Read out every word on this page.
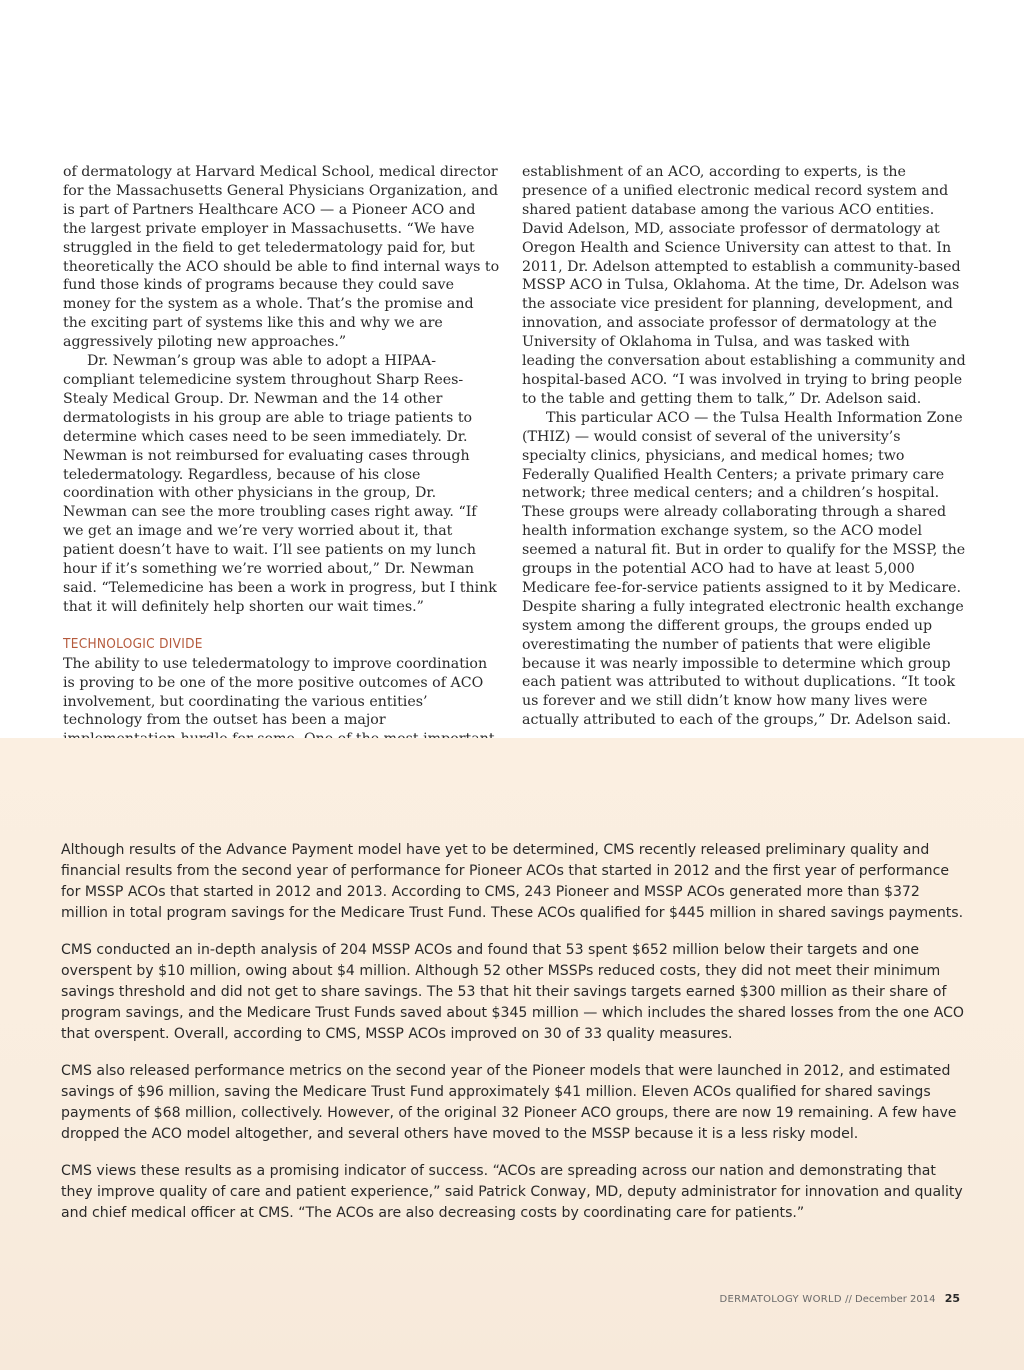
of dermatology at Harvard Medical School, medical director for the Massachusetts General Physicians Organization, and is part of Partners Healthcare ACO — a Pioneer ACO and the largest private employer in Massachusetts. “We have struggled in the field to get teledermatology paid for, but theoretically the ACO should be able to find internal ways to fund those kinds of programs because they could save money for the system as a whole. That’s the promise and the exciting part of systems like this and why we are aggressively piloting new approaches.”

Dr. Newman’s group was able to adopt a HIPAA-compliant telemedicine system throughout Sharp Rees-Stealy Medical Group. Dr. Newman and the 14 other dermatologists in his group are able to triage patients to determine which cases need to be seen immediately. Dr. Newman is not reimbursed for evaluating cases through teledermatology. Regardless, because of his close coordination with other physicians in the group, Dr. Newman can see the more troubling cases right away. “If we get an image and we’re very worried about it, that patient doesn’t have to wait. I’ll see patients on my lunch hour if it’s something we’re worried about,” Dr. Newman said. “Telemedicine has been a work in progress, but I think that it will definitely help shorten our wait times.”

TECHNOLOGIC DIVIDE

The ability to use teledermatology to improve coordination is proving to be one of the more positive outcomes of ACO involvement, but coordinating the various entities’ technology from the outset has been a major

establishment of an ACO, according to experts, is the presence of a unified electronic medical record system and shared patient database among the various ACO entities. David Adelson, MD, associate professor of dermatology at Oregon Health and Science University can attest to that. In 2011, Dr. Adelson attempted to establish a community-based MSSP ACO in Tulsa, Oklahoma. At the time, Dr. Adelson was the associate vice president for planning, development, and innovation, and associate professor of dermatology at the University of Oklahoma in Tulsa, and was tasked with leading the conversation about establishing a community and hospital-based ACO. “I was involved in trying to bring people to the table and getting them to talk,” Dr. Adelson said.

This particular ACO — the Tulsa Health Information Zone (THIZ) — would consist of several of the university’s specialty clinics, physicians, and medical homes; two Federally Qualified Health Centers; a private primary care network; three medical centers; and a children’s hospital. These groups were already collaborating through a shared health information exchange system, so the ACO model seemed a natural fit. But in order to qualify for the MSSP, the groups in the potential ACO had to have at least 5,000 Medicare fee-for-service patients assigned to it by Medicare. Despite sharing a fully integrated electronic health exchange system among the different groups, the groups ended up overestimating the number of patients that were eligible because it was nearly impossible to determine which group each patient was attributed to without duplications. “It took us forever and we still didn’t know how many lives were actually attributed to each of the groups,” Dr. Adelson said.

Although results of the Advance Payment model have yet to be determined, CMS recently released preliminary quality and financial results from the second year of performance for Pioneer ACOs that started in 2012 and the first year of performance for MSSP ACOs that started in 2012 and 2013. According to CMS, 243 Pioneer and MSSP ACOs generated more than $372 million in total program savings for the Medicare Trust Fund. These ACOs qualified for $445 million in shared savings payments.

CMS conducted an in-depth analysis of 204 MSSP ACOs and found that 53 spent $652 million below their targets and one overspent by $10 million, owing about $4 million. Although 52 other MSSPs reduced costs, they did not meet their minimum savings threshold and did not get to share savings. The 53 that hit their savings targets earned $300 million as their share of program savings, and the Medicare Trust Funds saved about $345 million — which includes the shared losses from the one ACO that overspent. Overall, according to CMS, MSSP ACOs improved on 30 of 33 quality measures.

CMS also released performance metrics on the second year of the Pioneer models that were launched in 2012, and estimated savings of $96 million, saving the Medicare Trust Fund approximately $41 million. Eleven ACOs qualified for shared savings payments of $68 million, collectively. However, of the original 32 Pioneer ACO groups, there are now 19 remaining. A few have dropped the ACO model altogether, and several others have moved to the MSSP because it is a less risky model.

CMS views these results as a promising indicator of success. “ACOs are spreading across our nation and demonstrating that they improve quality of care and patient experience,” said Patrick Conway, MD, deputy administrator for innovation and quality and chief medical officer at CMS. “The ACOs are also decreasing costs by coordinating care for patients.”

DERMATOLOGY WORLD // December 2014 25
